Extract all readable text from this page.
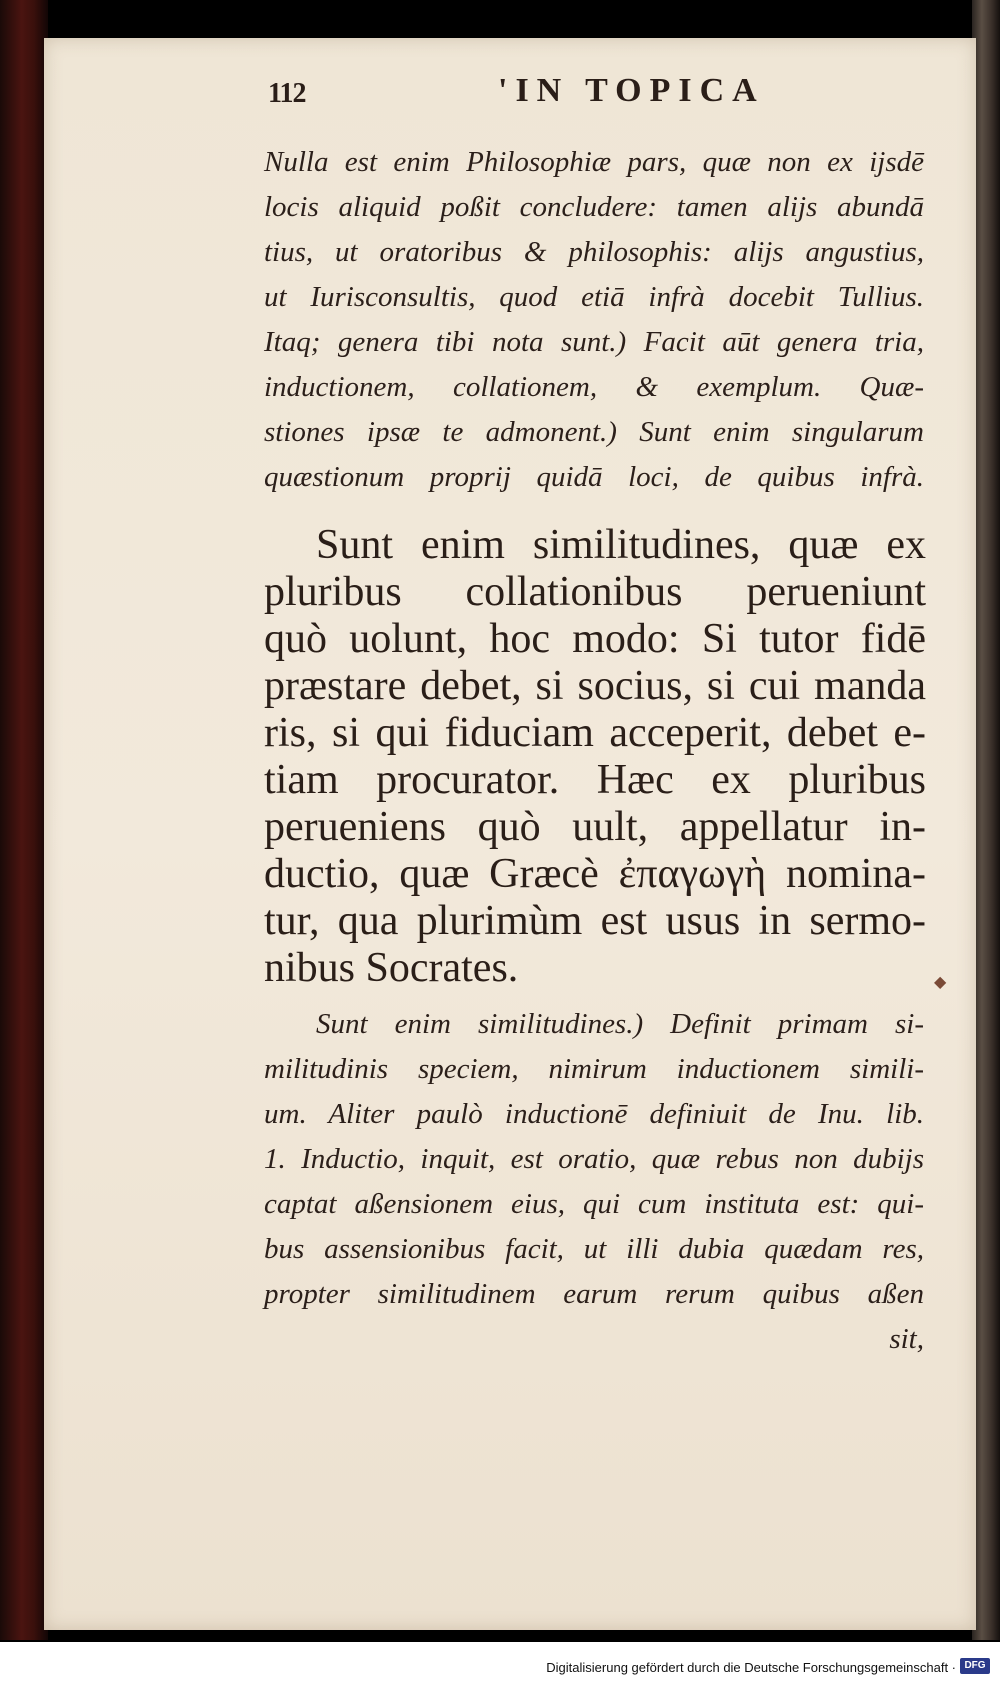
112	'IN TOPICA
Nulla est enim Philosophiæ pars, quæ non ex ijsdē
locis aliquid poßit concludere: tamen alijs abundā
tius, ut oratoribus & philosophis: alijs angustius,
ut Iurisconsultis, quod etiā infrà docebit Tullius.
Itaq; genera tibi nota sunt.) Facit aūt genera tria,
inductionem, collationem, & exemplum. Quæ-
stiones ipsæ te admonent.) Sunt enim singularum
quæstionum proprij quidā loci, de quibus infrà.
Sunt enim similitudines, quæ ex
pluribus collationibus perueniunt
quò uolunt, hoc modo: Si tutor fidē
præstare debet, si socius, si cui manda
ris, si qui fiduciam acceperit, debet e-
tiam procurator. Hæc ex pluribus
perueniens quò uult, appellatur in-
ductio, quæ Græcè ἐπαγωγὴ nomina-
tur, qua plurimùm est usus in sermo-
nibus Socrates.	◆
Sunt enim similitudines.) Definit primam si-
militudinis speciem, nimirum inductionem simili-
um. Aliter paulò inductionē definiuit de Inu. lib.
1. Inductio, inquit, est oratio, quæ rebus non dubijs
captat aßensionem eius, qui cum instituta est: qui-
bus assensionibus facit, ut illi dubia quædam res,
propter similitudinem earum rerum quibus aßen
sit,
Digitalisierung gefördert durch die Deutsche Forschungsgemeinschaft · DFG
